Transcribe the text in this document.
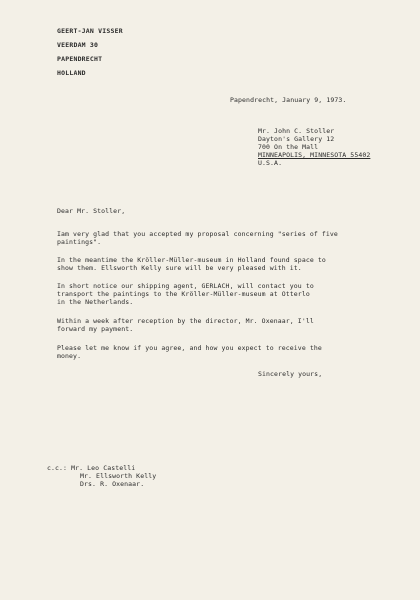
GEERT-JAN VISSER
VEERDAM 30
PAPENDRECHT
HOLLAND
Papendrecht, January 9, 1973.
Mr. John C. Stoller
Dayton's Gallery 12
700 On the Mall
MINNEAPOLIS, MINNESOTA 55402
U.S.A.
Dear Mr. Stoller,
Iam very glad that you accepted my proposal concerning "series of five
paintings".
In the meantime the Kröller-Müller-museum in Holland found space to
show them. Ellsworth Kelly sure will be very pleased with it.
In short notice our shipping agent, GERLACH, will contact you to
transport the paintings to the Kröller-Müller-museum at Otterlo
in the Netherlands.
Within a week after reception by the director, Mr. Oxenaar, I'll
forward my payment.
Please let me know if you agree, and how you expect to receive the
money.
Sincerely yours,
c.c.: Mr. Leo Castelli
Mr. Ellsworth Kelly
Drs. R. Oxenaar.
